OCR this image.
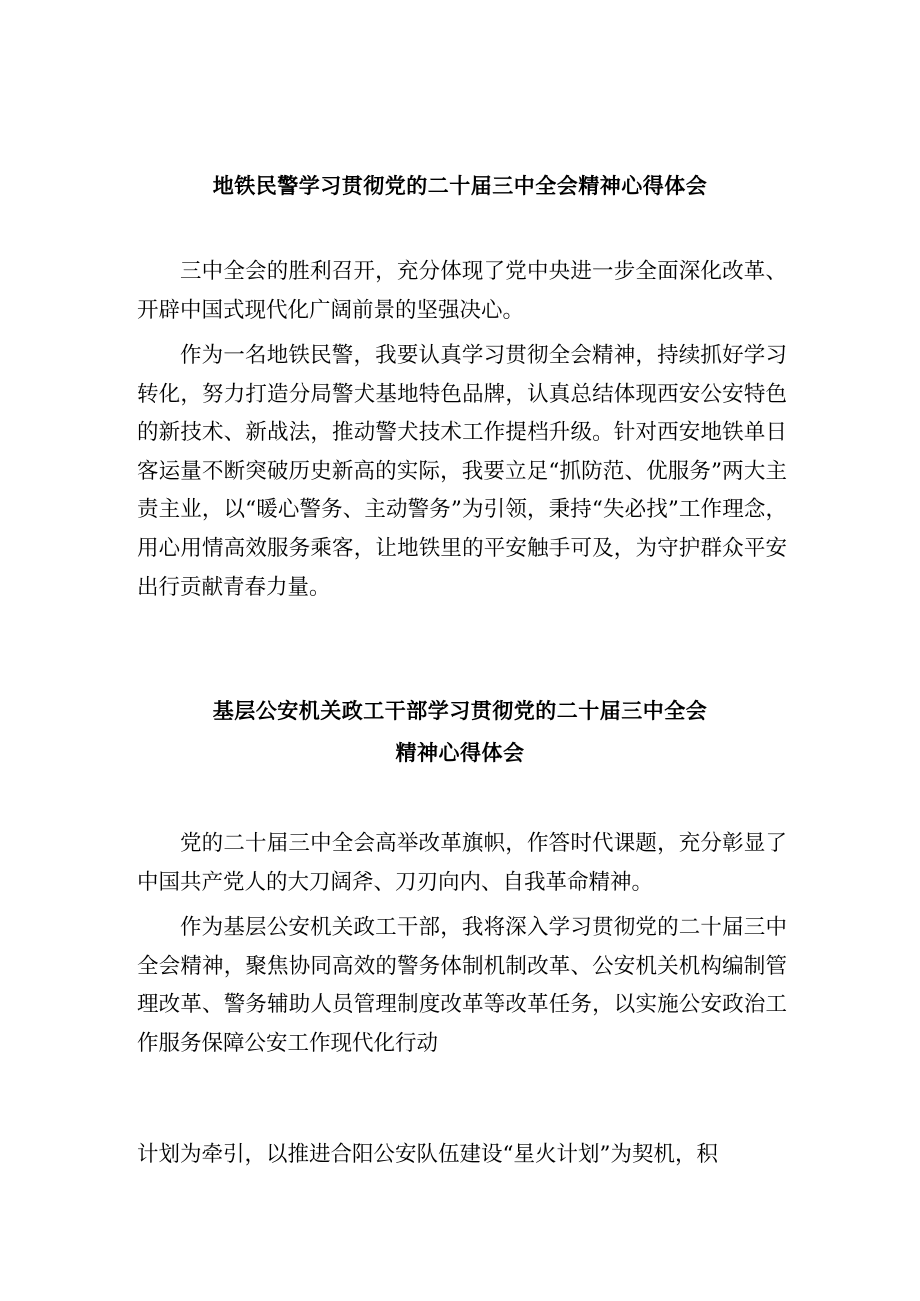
地铁民警学习贯彻党的二十届三中全会精神心得体会

三中全会的胜利召开，充分体现了党中央进一步全面深化改革、开辟中国式现代化广阔前景的坚强决心。

作为一名地铁民警，我要认真学习贯彻全会精神，持续抓好学习转化，努力打造分局警犬基地特色品牌，认真总结体现西安公安特色的新技术、新战法，推动警犬技术工作提档升级。针对西安地铁单日客运量不断突破历史新高的实际，我要立足“抓防范、优服务”两大主责主业，以“暖心警务、主动警务”为引领，秉持“失必找”工作理念，用心用情高效服务乘客，让地铁里的平安触手可及，为守护群众平安出行贡献青春力量。

基层公安机关政工干部学习贯彻党的二十届三中全会
精神心得体会

党的二十届三中全会高举改革旗帜，作答时代课题，充分彰显了中国共产党人的大刀阔斧、刀刃向内、自我革命精神。

作为基层公安机关政工干部，我将深入学习贯彻党的二十届三中全会精神，聚焦协同高效的警务体制机制改革、公安机关机构编制管理改革、警务辅助人员管理制度改革等改革任务，以实施公安政治工作服务保障公安工作现代化行动

计划为牵引，以推进合阳公安队伍建设“星火计划”为契机，积
